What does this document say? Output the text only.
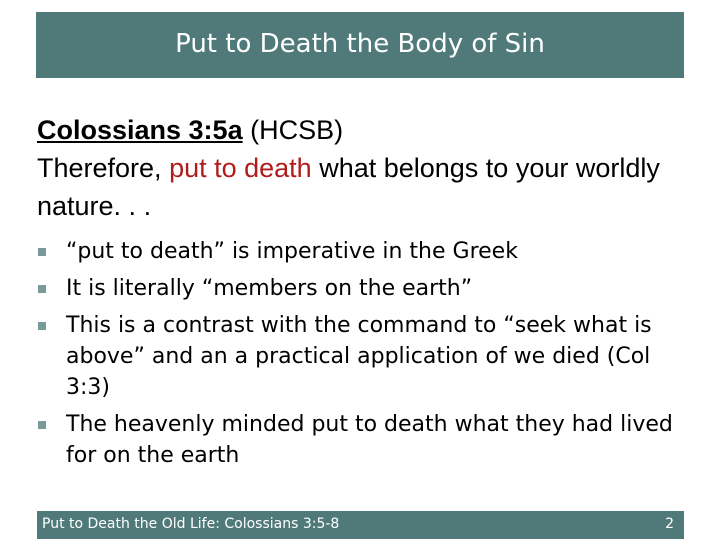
Put to Death the Body of Sin
Colossians 3:5a (HCSB)
Therefore, put to death what belongs to your worldly nature. . .
“put to death” is imperative in the Greek
It is literally “members on the earth”
This is a contrast with the command to “seek what is above” and an a practical application of we died (Col 3:3)
The heavenly minded put to death what they had lived for on the earth
Put to Death the Old Life: Colossians 3:5-8	2
